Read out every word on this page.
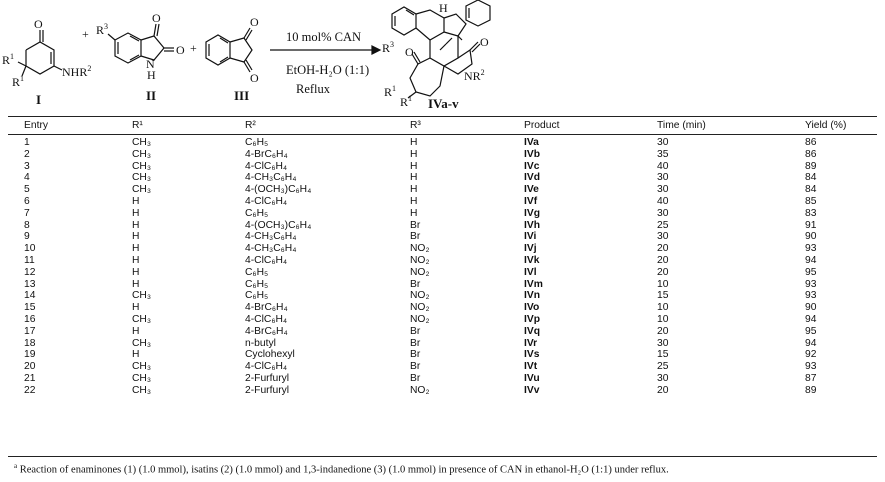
O
$R^1$
$R^1$	$NHR^2$
+ $R^3$
O
O
N
H
+
O
O
10 mol% CAN
EtOH-H₂O (1:1)
Reflux
H
$R^3$
O
O
$NR^2$
$R^1$
$R^1$
I	II	III
IVa-v
Entry	R¹	R²	R³	Product	Time (min)	Yield (%)
1	CH₃	C₆H₅	H	IVa	30	86
2	CH₃	4-BrC₆H₄	H	IVb	35	86
3	CH₃	4-ClC₆H₄	H	IVc	40	89
4	CH₃	4-CH₃C₆H₄	H	IVd	30	84
5	CH₃	4-(OCH₃)C₆H₄	H	IVe	30	84
6	H	4-ClC₆H₄	H	IVf	40	85
7	H	C₆H₅	H	IVg	30	83
8	H	4-(OCH₃)C₆H₄	Br	IVh	25	91
9	H	4-CH₃C₆H₄	Br	IVi	30	90
10	H	4-CH₃C₆H₄	NO₂	IVj	20	93
11	H	4-ClC₆H₄	NO₂	IVk	20	94
12	H	C₆H₅	NO₂	IVl	20	95
13	H	C₆H₅	Br	IVm	10	93
14	CH₃	C₆H₅	NO₂	IVn	15	93
15	H	4-BrC₆H₄	NO₂	IVo	10	90
16	CH₃	4-ClC₆H₄	NO₂	IVp	10	94
17	H	4-BrC₆H₄	Br	IVq	20	95
18	CH₃	n-butyl	Br	IVr	30	94
19	H	Cyclohexyl	Br	IVs	15	92
20	CH₃	4-ClC₆H₄	Br	IVt	25	93
21	CH₃	2-Furfuryl	Br	IVu	30	87
22	CH₃	2-Furfuryl	NO₂	IVv	20	89
$^a$ Reaction of enaminones (1) (1.0 mmol), isatins (2) (1.0 mmol) and 1,3-indanedione (3) (1.0 mmol) in presence of CAN in ethanol-H₂O (1:1) under reflux.
